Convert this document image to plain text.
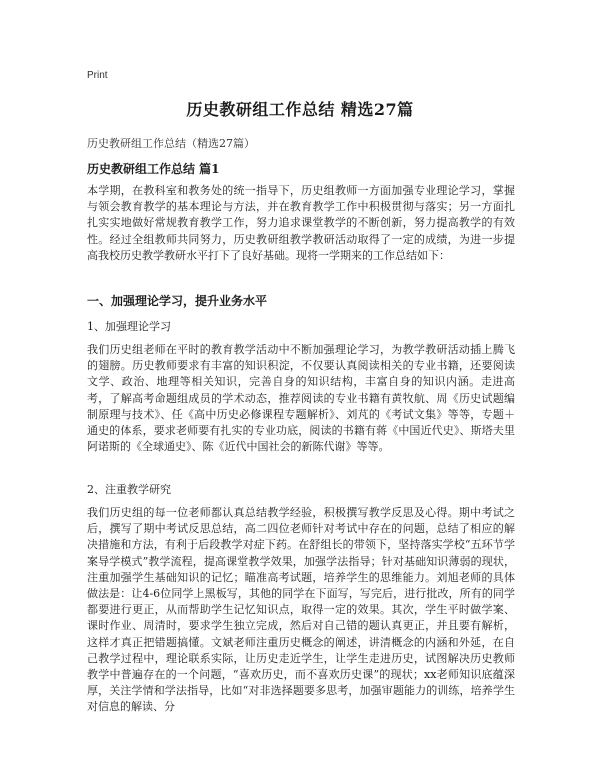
Print
历史教研组工作总结 精选27篇
历史教研组工作总结（精选27篇）
历史教研组工作总结 篇1
本学期，在教科室和教务处的统一指导下，历史组教师一方面加强专业理论学习，掌握与领会教育教学的基本理论与方法，并在教育教学工作中积极贯彻与落实；另一方面扎扎实实地做好常规教育教学工作，努力追求课堂教学的不断创新，努力提高教学的有效性。经过全组教师共同努力，历史教研组教学教研活动取得了一定的成绩，为进一步提高我校历史教学教研水平打下了良好基础。现将一学期来的工作总结如下：
一、加强理论学习，提升业务水平
1、加强理论学习
我们历史组老师在平时的教育教学活动中不断加强理论学习，为教学教研活动插上腾飞的翅膀。历史教师要求有丰富的知识积淀，不仅要认真阅读相关的专业书籍，还要阅读文学、政治、地理等相关知识，完善自身的知识结构，丰富自身的知识内涵。走进高考，了解高考命题组成员的学术动态，推荐阅读的专业书籍有黄牧航、周《历史试题编制原理与技术》、任《高中历史必修课程专题解析》、刘芃的《考试文集》等等，专题＋通史的体系，要求老师要有扎实的专业功底，阅读的书籍有蒋《中国近代史》、斯塔夫里阿诺斯的《全球通史》、陈《近代中国社会的新陈代谢》等等。
2、注重教学研究
我们历史组的每一位老师都认真总结教学经验，积极撰写教学反思及心得。期中考试之后，撰写了期中考试反思总结，高二四位老师针对考试中存在的问题，总结了相应的解决措施和方法，有利于后段教学对症下药。在舒组长的带领下，坚持落实学校“五环节学案导学模式”教学流程，提高课堂教学效果，加强学法指导；针对基础知识薄弱的现状，注重加强学生基础知识的记忆；瞄准高考试题，培养学生的思维能力。刘旭老师的具体做法是：让4-6位同学上黑板写，其他的同学在下面写，写完后，进行批改，所有的同学都要进行更正，从而帮助学生记忆知识点，取得一定的效果。其次，学生平时做学案、课时作业、周清时，要求学生独立完成，然后对自己错的题认真更正，并且要有解析，这样才真正把错题搞懂。文斌老师注重历史概念的阐述，讲清概念的内涵和外延，在自己教学过程中，理论联系实际，让历史走近学生，让学生走进历史，试图解决历史教师教学中普遍存在的一个问题，“喜欢历史，而不喜欢历史课”的现状；xx老师知识底蕴深厚，关注学情和学法指导，比如“对非选择题要多思考，加强审题能力的训练，培养学生对信息的解读、分
